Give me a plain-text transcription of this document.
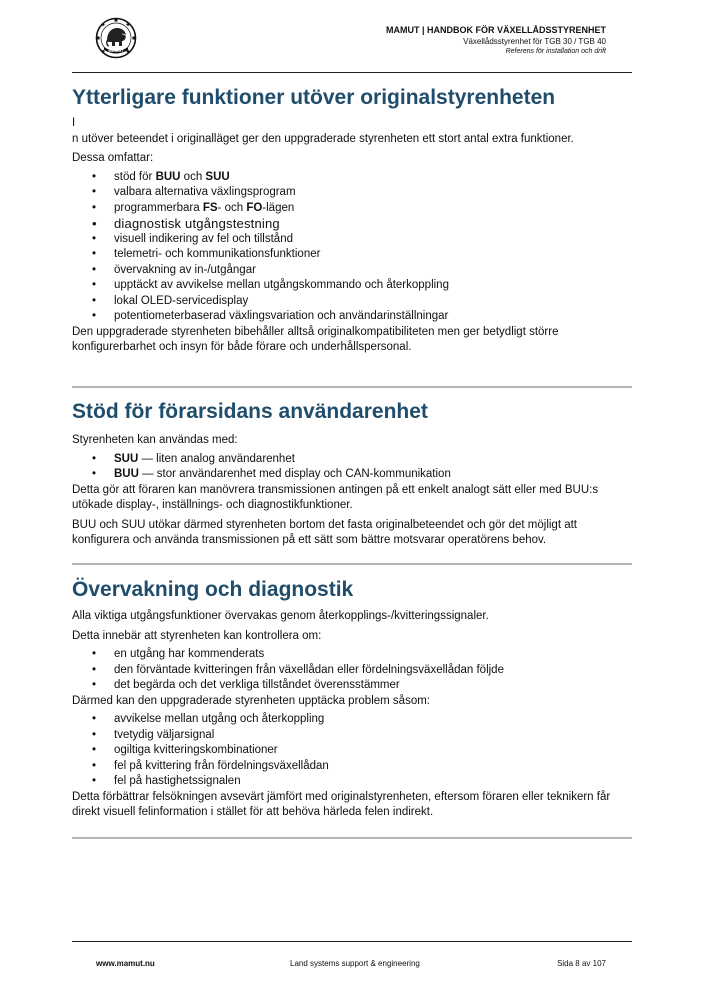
MAMUT
MAMUT | HANDBOK FÖR VÄXELLÅDSSTYRENHET
Växellådsstyrenhet för TGB 30 / TGB 40
Referens för installation och drift
Ytterligare funktioner utöver originalstyrenheten

I

n utöver beteendet i originalläget ger den uppgraderade styrenheten ett stort antal extra funktioner.

Dessa omfattar:

• stöd för BUU och SUU
• valbara alternativa växlingsprogram
• programmerbara FS- och FO-lägen
• diagnostisk utgångstestning
• visuell indikering av fel och tillstånd
• telemetri- och kommunikationsfunktioner
• övervakning av in-/utgångar
• upptäckt av avvikelse mellan utgångskommando och återkoppling
• lokal OLED-servicedisplay
• potentiometerbaserad växlingsvariation och användarinställningar

Den uppgraderade styrenheten bibehåller alltså originalkompatibiliteten men ger betydligt större konfigurerbarhet och insyn för både förare och underhållspersonal.

Stöd för förarsidans användarenhet

Styrenheten kan användas med:

• SUU — liten analog användarenhet
• BUU — stor användarenhet med display och CAN-kommunikation

Detta gör att föraren kan manövrera transmissionen antingen på ett enkelt analogt sätt eller med BUU:s utökade display-, inställnings- och diagnostikfunktioner.

BUU och SUU utökar därmed styrenheten bortom det fasta originalbeteendet och gör det möjligt att konfigurera och använda transmissionen på ett sätt som bättre motsvarar operatörens behov.

Övervakning och diagnostik

Alla viktiga utgångsfunktioner övervakas genom återkopplings-/kvitteringssignaler.

Detta innebär att styrenheten kan kontrollera om:

• en utgång har kommenderats
• den förväntade kvitteringen från växellådan eller fördelningsväxellådan följde
• det begärda och det verkliga tillståndet överensstämmer

Därmed kan den uppgraderade styrenheten upptäcka problem såsom:

• avvikelse mellan utgång och återkoppling
• tvetydig väljarsignal
• ogiltiga kvitteringskombinationer
• fel på kvittering från fördelningsväxellådan
• fel på hastighetssignalen

Detta förbättrar felsökningen avsevärt jämfört med originalstyrenheten, eftersom föraren eller teknikern får direkt visuell felinformation i stället för att behöva härleda felen indirekt.

www.mamut.nu	Land systems support & engineering	Sida 8 av 107
